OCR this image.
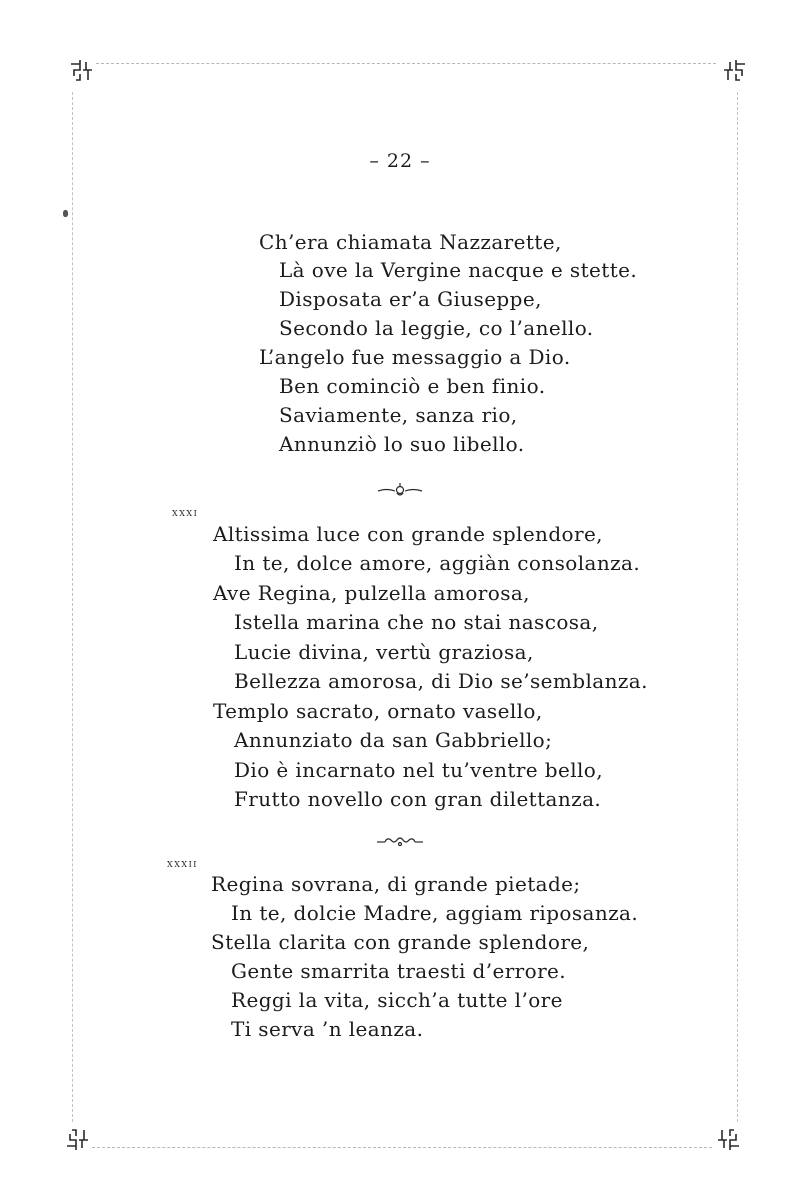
– 22 –
Ch’era chiamata Nazzarette,
Là ove la Vergine nacque e stette.
Disposata er’a Giuseppe,
Secondo la leggie, co l’anello.
L’angelo fue messaggio a Dio.
Ben cominciò e ben finio.
Saviamente, sanza rio,
Annunziò lo suo libello.
xxxi
Altissima luce con grande splendore,
In te, dolce amore, aggiàn consolanza.
Ave Regina, pulzella amorosa,
Istella marina che no stai nascosa,
Lucie divina, vertù graziosa,
Bellezza amorosa, di Dio se’semblanza.
Templo sacrato, ornato vasello,
Annunziato da san Gabbriello;
Dio è incarnato nel tu’ventre bello,
Frutto novello con gran dilettanza.
xxxii
Regina sovrana, di grande pietade;
In te, dolcie Madre, aggiam riposanza.
Stella clarita con grande splendore,
Gente smarrita traesti d’errore.
Reggi la vita, sicch’a tutte l’ore
Ti serva ’n leanza.
